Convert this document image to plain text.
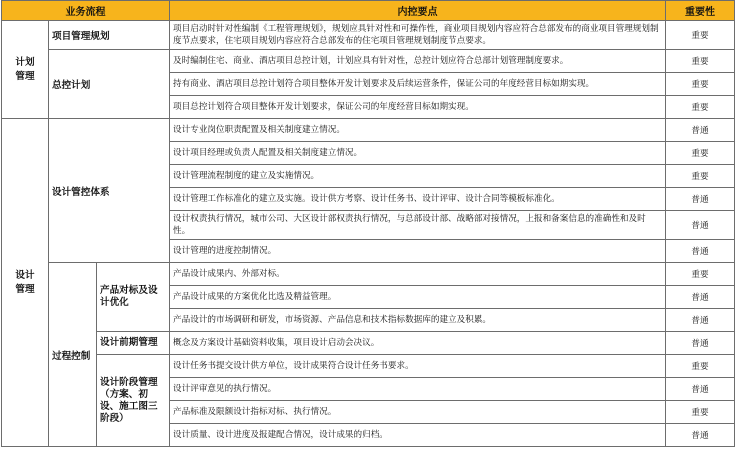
业务流程			内控要点	重要性
计划管理	项目管理规划		项目启动时针对性编制《工程管理规划》，规划应具针对性和可操作性，商业项目规划内容应符合总部发布的商业项目管理规划制度节点要求，住宅项目规划内容应符合总部发布的住宅项目管理规划制度节点要求。	重要
	总控计划		及时编制住宅、商业、酒店项目总控计划，计划应具有针对性，总控计划应符合总部计划管理制度要求。	重要
			持有商业、酒店项目总控计划符合项目整体开发计划要求及后续运营条件，保证公司的年度经营目标如期实现。	重要
			项目总控计划符合项目整体开发计划要求，保证公司的年度经营目标如期实现。	重要
设计管理	设计管控体系		设计专业岗位职责配置及相关制度建立情况。	普通
			设计项目经理或负责人配置及相关制度建立情况。	重要
			设计管理流程制度的建立及实施情况。	重要
			设计管理工作标准化的建立及实施。设计供方考察、设计任务书、设计评审、设计合同等模板标准化。	普通
			设计权责执行情况，城市公司、大区设计部权责执行情况，与总部设计部、战略部对接情况，上报和备案信息的准确性和及时性。	普通
			设计管理的进度控制情况。	普通
	过程控制	产品对标及设计优化	产品设计成果内、外部对标。	重要
			产品设计成果的方案优化比选及精益管理。	普通
			产品设计的市场调研和研发，市场资源、产品信息和技术指标数据库的建立及积累。	普通
		设计前期管理	概念及方案设计基础资料收集，项目设计启动会决议。	普通
		设计阶段管理（方案、初设、施工图三阶段）	设计任务书提交设计供方单位，设计成果符合设计任务书要求。	重要
			设计评审意见的执行情况。	普通
			产品标准及限额设计指标对标、执行情况。	重要
			设计质量、设计进度及报建配合情况，设计成果的归档。	普通
